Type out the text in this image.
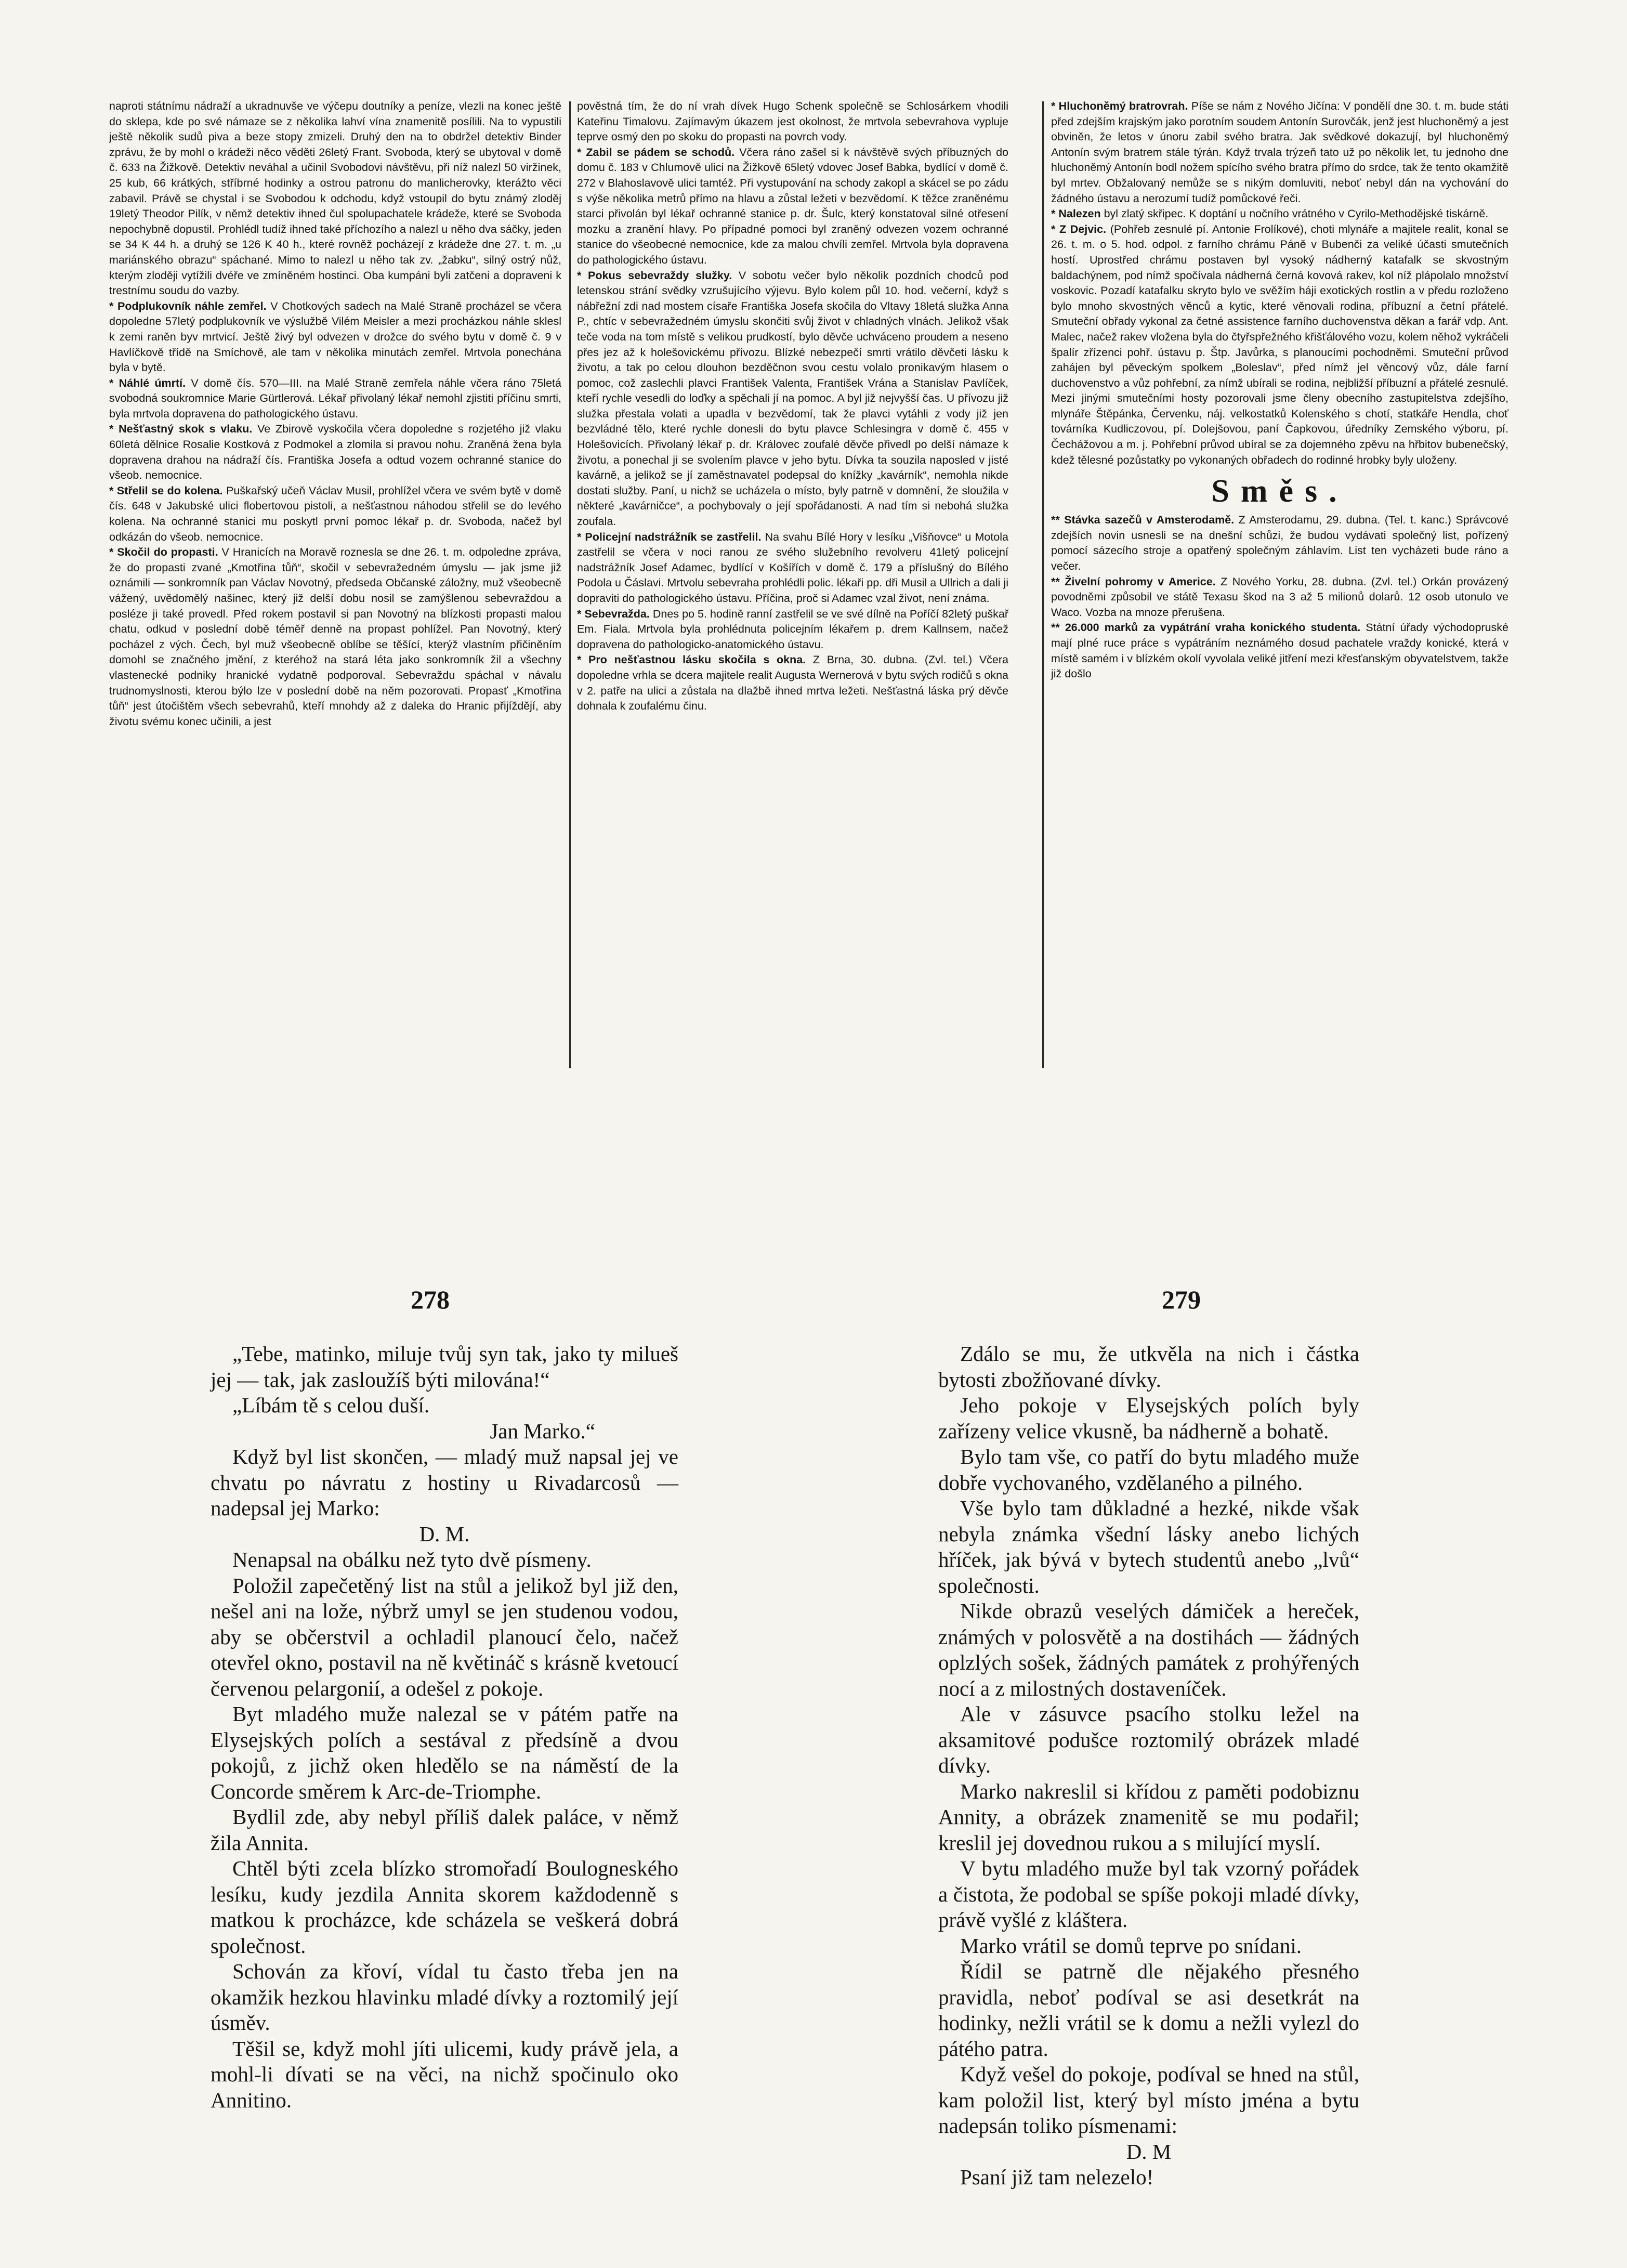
naproti státnímu nádraží a ukradnuvše ve výčepu doutníky a peníze, vlezli na konec ještě do sklepa, kde po své námaze se z několika lahví vína znamenitě posílili. Na to vypustili ještě několik sudů piva a beze stopy zmizeli. Druhý den na to obdržel detektiv Binder zprávu, že by mohl o krádeži něco věděti 26letý Frant. Svoboda, který se ubytoval v domě č. 633 na Žižkově. Detektiv neváhal a učinil Svobodovi návštěvu, při níž nalezl 50 viržinek, 25 kub, 66 krátkých, stříbrné hodinky a ostrou patronu do manlicherovky, kterážto věci zabavil. Právě se chystal i se Svobodou k odchodu, když vstoupil do bytu známý zloděj 19letý Theodor Pilík, v němž detektiv ihned čul spolupachatele krádeže, které se Svoboda nepochybně dopustil. Prohlédl tudíž ihned také příchozího a nalezl u něho dva sáčky, jeden se 34 K 44 h. a druhý se 126 K 40 h., které rovněž pocházejí z krádeže dne 27. t. m. „u mariánského obrazu“ spáchané. Mimo to nalezl u něho tak zv. „žabku“, silný ostrý nůž, kterým zloději vytížili dvéře ve zmíněném hostinci. Oba kumpáni byli zatčeni a dopraveni k trestnímu soudu do vazby.

* Podplukovník náhle zemřel. V Chotkových sadech na Malé Straně procházel se včera dopoledne 57letý podplukovník ve výslužbě Vilém Meisler a mezi procházkou náhle sklesl k zemi raněn byv mrtvicí. Ještě živý byl odvezen v drožce do svého bytu v domě č. 9 v Havlíčkově třídě na Smíchově, ale tam v několika minutách zemřel. Mrtvola ponechána byla v bytě.

* Náhlé úmrtí. V domě čís. 570—III. na Malé Straně zemřela náhle včera ráno 75letá svobodná soukromnice Marie Gürtlerová. Lékař přivolaný lékař nemohl zjistiti příčinu smrti, byla mrtvola dopravena do pathologického ústavu.

* Nešťastný skok s vlaku. Ve Zbirově vyskočila včera dopoledne s rozjetého již vlaku 60letá dělnice Rosalie Kostková z Podmokel a zlomila si pravou nohu. Zraněná žena byla dopravena drahou na nádraží čís. Františka Josefa a odtud vozem ochranné stanice do všeob. nemocnice.

* Střelil se do kolena. Puškařský učeň Václav Musil, prohlížel včera ve svém bytě v domě čís. 648 v Jakubské ulici flobertovou pistoli, a nešťastnou náhodou střelil se do levého kolena. Na ochranné stanici mu poskytl první pomoc lékař p. dr. Svoboda, načež byl odkázán do všeob. nemocnice.

* Skočil do propasti. V Hranicích na Moravě roznesla se dne 26. t. m. odpoledne zpráva, že do propasti zvané „Kmotřina tůň“, skočil v sebevražedném úmyslu — jak jsme již oznámili — sonkromník pan Václav Novotný, předseda Občanské záložny, muž všeobecně vážený, uvědomělý našinec, který již delší dobu nosil se zamýšlenou sebevraždou a posléze ji také provedl. Před rokem postavil si pan Novotný na blízkosti propasti malou chatu, odkud v poslední době téměř denně na propast pohlížel. Pan Novotný, který pocházel z vých. Čech, byl muž všeobecně oblíbe se těšící, kterýž vlastním přičiněním domohl se značného jmění, z kteréhož na stará léta jako sonkromník žil a všechny vlastenecké podniky hranické vydatně podporoval. Sebevraždu spáchal v návalu trudnomyslnosti, kterou býlo lze v poslední době na něm pozorovati. Propasť „Kmotřina tůň“ jest útočištěm všech sebevrahů, kteří mnohdy až z daleka do Hranic přijíždějí, aby životu svému konec učinili, a jest

pověstná tím, že do ní vrah dívek Hugo Schenk společně se Schlosárkem vhodili Kateřinu Timalovu. Zajímavým úkazem jest okolnost, že mrtvola sebevrahova vypluje teprve osmý den po skoku do propasti na povrch vody.

* Zabil se pádem se schodů. Včera ráno zašel si k návštěvě svých příbuzných do domu č. 183 v Chlumově ulici na Žižkově 65letý vdovec Josef Babka, bydlící v domě č. 272 v Blahoslavově ulici tamtéž. Při vystupování na schody zakopl a skácel se po zádu s výše několika metrů přímo na hlavu a zůstal ležeti v bezvědomí. K těžce zraněnému starci přivolán byl lékař ochranné stanice p. dr. Šulc, který konstatoval silné otřesení mozku a zranění hlavy. Po případné pomoci byl zraněný odvezen vozem ochranné stanice do všeobecné nemocnice, kde za malou chvíli zemřel. Mrtvola byla dopravena do pathologického ústavu.

* Pokus sebevraždy služky. V sobotu večer bylo několik pozdních chodců pod letenskou strání svědky vzrušujícího výjevu. Bylo kolem půl 10. hod. večerní, když s nábřežní zdi nad mostem císaře Františka Josefa skočila do Vltavy 18letá služka Anna P., chtíc v sebevražedném úmyslu skončiti svůj život v chladných vlnách. Jelikož však teče voda na tom místě s velikou prudkostí, bylo děvče uchváceno proudem a neseno přes jez až k holešovickému přívozu. Blízké nebezpečí smrti vrátilo děvčeti lásku k životu, a tak po celou dlouhon bezděčnon svou cestu volalo pronikavým hlasem o pomoc, což zaslechli plavci František Valenta, František Vrána a Stanislav Pavlíček, kteří rychle vesedli do loďky a spěchali jí na pomoc. A byl již nejvyšší čas. U přívozu již služka přestala volati a upadla v bezvědomí, tak že plavci vytáhli z vody již jen bezvládné tělo, které rychle donesli do bytu plavce Schlesingra v domě č. 455 v Holešovicích. Přivolaný lékař p. dr. Královec zoufalé děvče přivedl po delší námaze k životu, a ponechal ji se svolením plavce v jeho bytu. Dívka ta souzila naposled v jisté kavárně, a jelikož se jí zaměstnavatel podepsal do knížky „kavárník“, nemohla nikde dostati služby. Paní, u nichž se ucházela o místo, byly patrně v domnění, že sloužila v některé „kavárničce“, a pochybovaly o její spořádanosti. A nad tím si nebohá služka zoufala.

* Policejní nadstrážník se zastřelil. Na svahu Bílé Hory v lesíku „Višňovce“ u Motola zastřelil se včera v noci ranou ze svého služebního revolveru 41letý policejní nadstrážník Josef Adamec, bydlící v Košířích v domě č. 179 a příslušný do Bílého Podola u Čáslavi. Mrtvolu sebevraha prohlédli polic. lékaři pp. dři Musil a Ullrich a dali ji dopraviti do pathologického ústavu. Příčina, proč si Adamec vzal život, není známa.

* Sebevražda. Dnes po 5. hodině ranní zastřelil se ve své dílně na Poříčí 82letý puškař Em. Fiala. Mrtvola byla prohlédnuta policejním lékařem p. drem Kallnsem, načež dopravena do pathologicko-anatomického ústavu.

* Pro nešťastnou lásku skočila s okna. Z Brna, 30. dubna. (Zvl. tel.) Včera dopoledne vrhla se dcera majitele realit Augusta Wernerová v bytu svých rodičů s okna v 2. patře na ulici a zůstala na dlažbě ihned mrtva ležeti. Nešťastná láska prý děvče dohnala k zoufalému činu.

* Hluchoněmý bratrovrah. Píše se nám z Nového Jičína: V pondělí dne 30. t. m. bude státi před zdejším krajským jako porotním soudem Antonín Surovčák, jenž jest hluchoněmý a jest obviněn, že letos v únoru zabil svého bratra. Jak svědkové dokazují, byl hluchoněmý Antonín svým bratrem stále týrán. Když trvala trýzeň tato už po několik let, tu jednoho dne hluchoněmý Antonín bodl nožem spícího svého bratra přímo do srdce, tak že tento okamžitě byl mrtev. Obžalovaný nemůže se s nikým domluviti, neboť nebyl dán na vychování do žádného ústavu a nerozumí tudíž pomůckové řeči.

* Nalezen byl zlatý skřipec. K doptání u nočního vrátného v Cyrilo-Methodějské tiskárně.

* Z Dejvic. (Pohřeb zesnulé pí. Antonie Frolíkové), choti mlynáře a majitele realit, konal se 26. t. m. o 5. hod. odpol. z farního chrámu Páně v Bubenči za veliké účasti smutečních hostí. Uprostřed chrámu postaven byl vysoký nádherný katafalk se skvostným baldachýnem, pod nímž spočívala nádherná černá kovová rakev, kol níž plápolalo množství voskovic. Pozadí katafalku skryto bylo ve svěžím háji exotických rostlin a v předu rozloženo bylo mnoho skvostných věnců a kytic, které věnovali rodina, příbuzní a četní přátelé. Smuteční obřady vykonal za četné assistence farního duchovenstva děkan a farář vdp. Ant. Malec, načež rakev vložena byla do čtyřspřežného křišťálového vozu, kolem něhož vykráčeli špalír zřízenci pohř. ústavu p. Štp. Javůrka, s planoucími pochodněmi. Smuteční průvod zahájen byl pěveckým spolkem „Boleslav“, před nímž jel věncový vůz, dále farní duchovenstvo a vůz pohřební, za nímž ubírali se rodina, nejbližší příbuzní a přátelé zesnulé. Mezi jinými smutečními hosty pozorovali jsme členy obecního zastupitelstva zdejšího, mlynáře Štěpánka, Červenku, náj. velkostatků Kolenského s chotí, statkáře Hendla, choť továrníka Kudliczovou, pí. Dolejšovou, paní Čapkovou, úředníky Zemského výboru, pí. Čechážovou a m. j. Pohřební průvod ubíral se za dojemného zpěvu na hřbitov bubenečský, kdež tělesné pozůstatky po vykonaných obřadech do rodinné hrobky byly uloženy.

Směs.

** Stávka sazečů v Amsterodamě. Z Amsterodamu, 29. dubna. (Tel. t. kanc.) Správcové zdejších novin usnesli se na dnešní schůzi, že budou vydávati společný list, pořízený pomocí sázecího stroje a opatřený společným záhlavím. List ten vycházeti bude ráno a večer.

** Živelní pohromy v Americe. Z Nového Yorku, 28. dubna. (Zvl. tel.) Orkán provázený povodněmi způsobil ve státě Texasu škod na 3 až 5 milionů dolarů. 12 osob utonulo ve Waco. Vozba na mnoze přerušena.

** 26.000 marků za vypátrání vraha konického studenta. Státní úřady východopruské mají plné ruce práce s vypátráním neznámého dosud pachatele vraždy konické, která v místě samém i v blízkém okolí vyvolala veliké jitření mezi křesťanským obyvatelstvem, takže již došlo

278	279

„Tebe, matinko, miluje tvůj syn tak, jako ty milueš jej — tak, jak zasloužíš býti milována!“

„Líbám tě s celou duší.

Jan Marko.“

Když byl list skončen, — mladý muž napsal jej ve chvatu po návratu z hostiny u Rivadarcosů — nadepsal jej Marko:

D. M.

Nenapsal na obálku než tyto dvě písmeny.

Položil zapečetěný list na stůl a jelikož byl již den, nešel ani na lože, nýbrž umyl se jen studenou vodou, aby se občerstvil a ochladil planoucí čelo, načež otevřel okno, postavil na ně květináč s krásně kvetoucí červenou pelargonií, a odešel z pokoje.

Byt mladého muže nalezal se v pátém patře na Elysejských polích a sestával z předsíně a dvou pokojů, z jichž oken hledělo se na náměstí de la Concorde směrem k Arc-de-Triomphe.

Bydlil zde, aby nebyl příliš dalek paláce, v němž žila Annita.

Chtěl býti zcela blízko stromořadí Boulogneského lesíku, kudy jezdila Annita skorem každodenně s matkou k procházce, kde scházela se veškerá dobrá společnost.

Schován za křoví, vídal tu často třeba jen na okamžik hezkou hlavinku mladé dívky a roztomilý její úsměv.

Těšil se, když mohl jíti ulicemi, kudy právě jela, a mohl-li dívati se na věci, na nichž spočinulo oko Annitino.

Zdálo se mu, že utkvěla na nich i částka bytosti zbožňované dívky.

Jeho pokoje v Elysejských polích byly zařízeny velice vkusně, ba nádherně a bohatě.

Bylo tam vše, co patří do bytu mladého muže dobře vychovaného, vzdělaného a pilného.

Vše bylo tam důkladné a hezké, nikde však nebyla známka všední lásky anebo lichých hříček, jak bývá v bytech studentů anebo „lvů“ společnosti.

Nikde obrazů veselých dámiček a hereček, známých v polosvětě a na dostihách — žádných oplzlých sošek, žádných památek z prohýřených nocí a z milostných dostaveníček.

Ale v zásuvce psacího stolku ležel na aksamitové podušce roztomilý obrázek mladé dívky.

Marko nakreslil si křídou z paměti podobiznu Annity, a obrázek znamenitě se mu podařil; kreslil jej dovednou rukou a s milující myslí.

V bytu mladého muže byl tak vzorný pořádek a čistota, že podobal se spíše pokoji mladé dívky, právě vyšlé z kláštera.

Marko vrátil se domů teprve po snídani.

Řídil se patrně dle nějakého přesného pravidla, neboť podíval se asi desetkrát na hodinky, nežli vrátil se k domu a nežli vylezl do pátého patra.

Když vešel do pokoje, podíval se hned na stůl, kam položil list, který byl místo jména a bytu nadepsán toliko písmenami:

D. M

Psaní již tam nelezelo!
